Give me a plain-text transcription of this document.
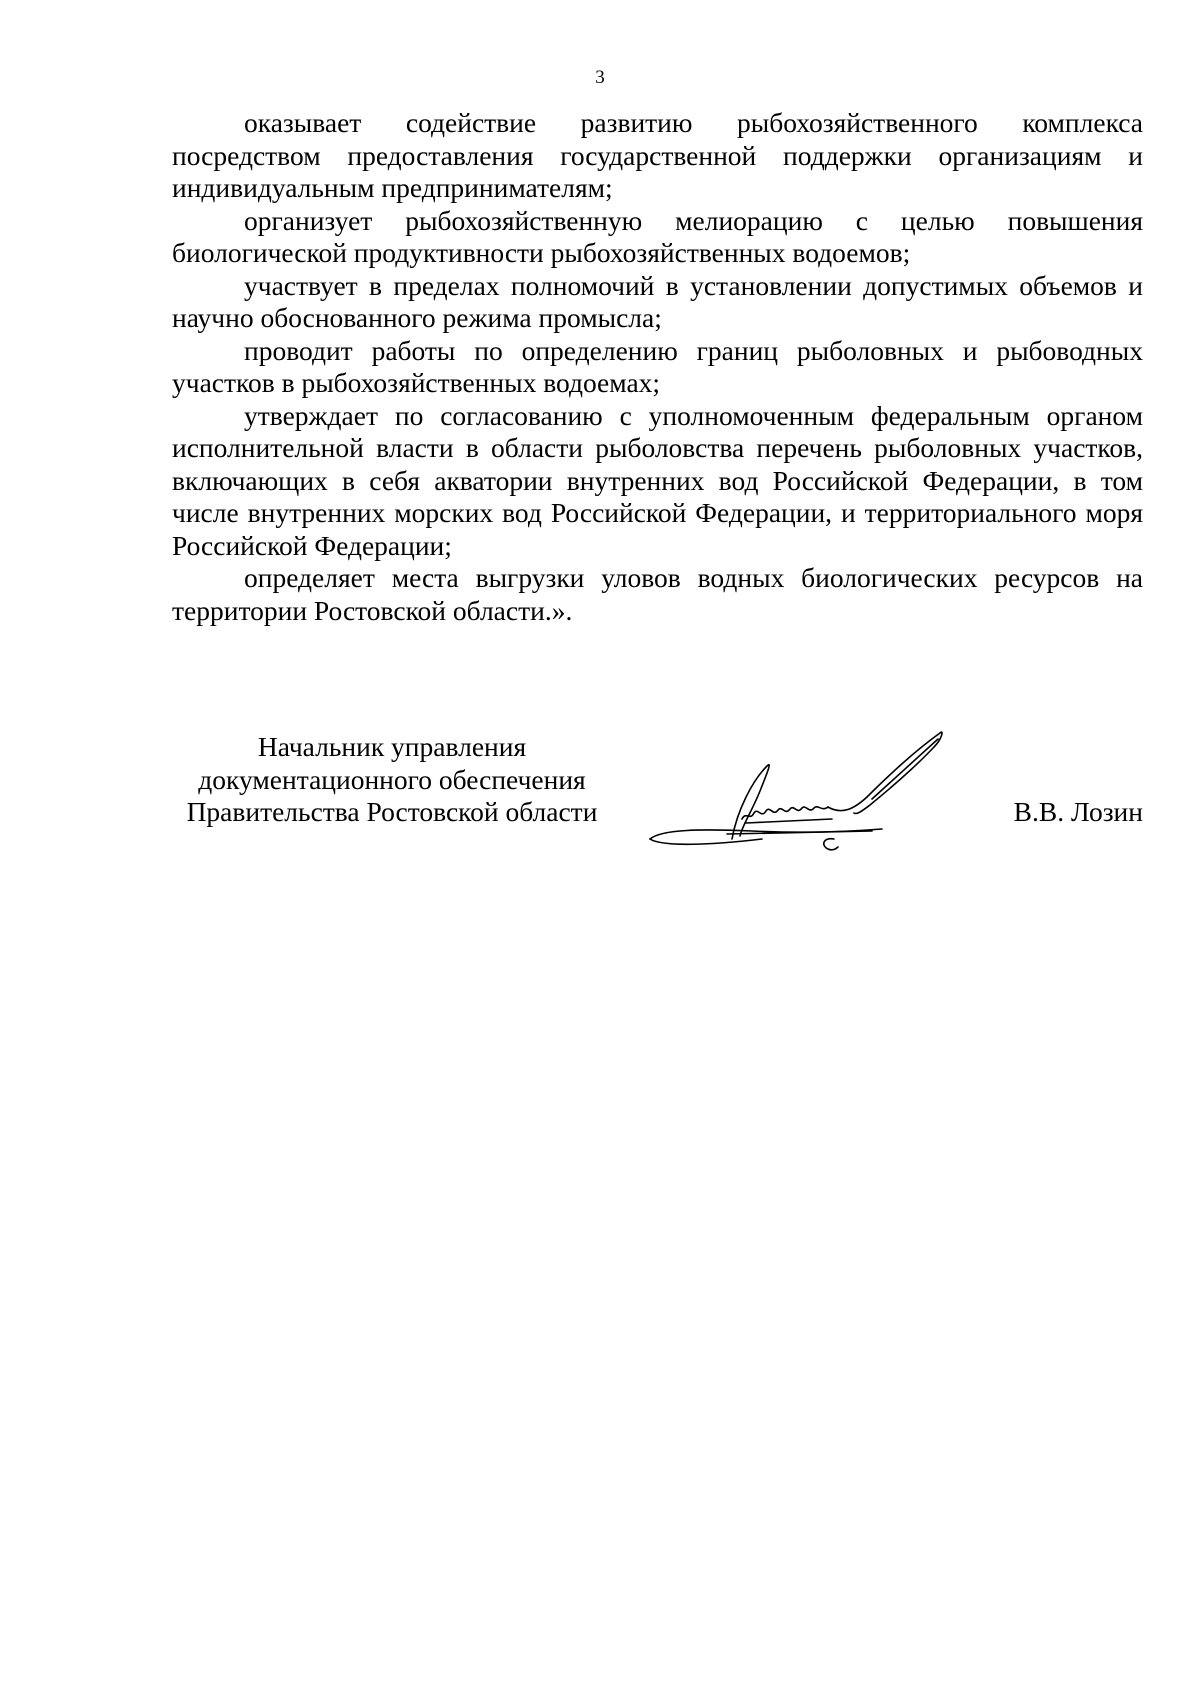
3

оказывает содействие развитию рыбохозяйственного комплекса посредством предоставления государственной поддержки организациям и индивидуальным предпринимателям;

организует рыбохозяйственную мелиорацию с целью повышения биологической продуктивности рыбохозяйственных водоемов;

участвует в пределах полномочий в установлении допустимых объемов и научно обоснованного режима промысла;

проводит работы по определению границ рыболовных и рыбоводных участков в рыбохозяйственных водоемах;

утверждает по согласованию с уполномоченным федеральным органом исполнительной власти в области рыболовства перечень рыболовных участков, включающих в себя акватории внутренних вод Российской Федерации, в том числе внутренних морских вод Российской Федерации, и территориального моря Российской Федерации;

определяет места выгрузки уловов водных биологических ресурсов на территории Ростовской области.».

Начальник управления
документационного обеспечения
Правительства Ростовской области	В.В. Лозин
